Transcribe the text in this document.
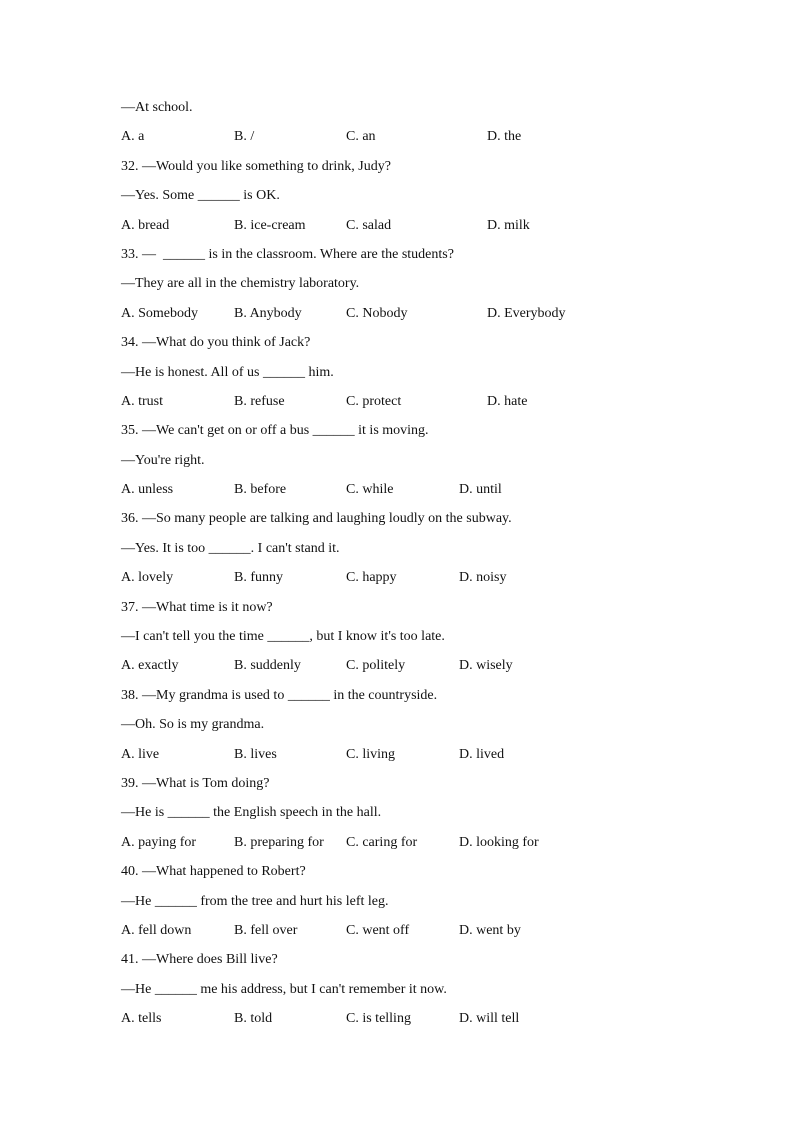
—At school.
A. a	B. /	C. an	D. the
32. —Would you like something to drink, Judy?
—Yes. Some ______ is OK.
A. bread	B. ice-cream	C. salad	D. milk
33. —  ______ is in the classroom. Where are the students?
—They are all in the chemistry laboratory.
A. Somebody	B. Anybody	C. Nobody	D. Everybody
34. —What do you think of Jack?
—He is honest. All of us ______ him.
A. trust	B. refuse	C. protect	D. hate
35. —We can't get on or off a bus ______ it is moving.
—You're right.
A. unless	B. before	C. while	D. until
36. —So many people are talking and laughing loudly on the subway.
—Yes. It is too ______. I can't stand it.
A. lovely	B. funny	C. happy	D. noisy
37. —What time is it now?
—I can't tell you the time ______, but I know it's too late.
A. exactly	B. suddenly	C. politely	D. wisely
38. —My grandma is used to ______ in the countryside.
—Oh. So is my grandma.
A. live	B. lives	C. living	D. lived
39. —What is Tom doing?
—He is ______ the English speech in the hall.
A. paying for	B. preparing for C. caring for	D. looking for
40. —What happened to Robert?
—He ______ from the tree and hurt his left leg.
A. fell down	B. fell over	C. went off	D. went by
41. —Where does Bill live?
—He ______ me his address, but I can't remember it now.
A. tells	B. told	C. is telling	D. will tell
